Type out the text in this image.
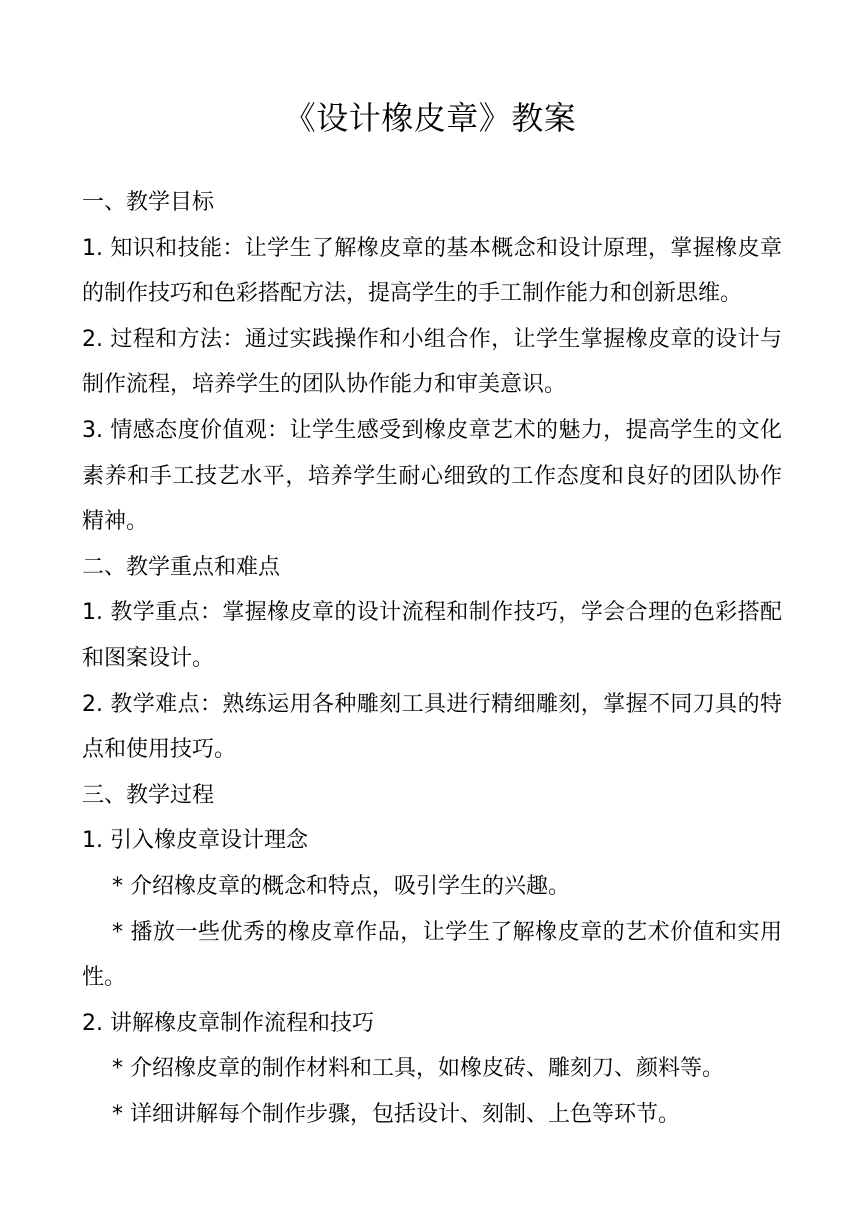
《设计橡皮章》教案

一、教学目标

1. 知识和技能：让学生了解橡皮章的基本概念和设计原理，掌握橡皮章的制作技巧和色彩搭配方法，提高学生的手工制作能力和创新思维。

2. 过程和方法：通过实践操作和小组合作，让学生掌握橡皮章的设计与制作流程，培养学生的团队协作能力和审美意识。

3. 情感态度价值观：让学生感受到橡皮章艺术的魅力，提高学生的文化素养和手工技艺水平，培养学生耐心细致的工作态度和良好的团队协作精神。

二、教学重点和难点

1. 教学重点：掌握橡皮章的设计流程和制作技巧，学会合理的色彩搭配和图案设计。

2. 教学难点：熟练运用各种雕刻工具进行精细雕刻，掌握不同刀具的特点和使用技巧。

三、教学过程

1. 引入橡皮章设计理念

* 介绍橡皮章的概念和特点，吸引学生的兴趣。

* 播放一些优秀的橡皮章作品，让学生了解橡皮章的艺术价值和实用性。

2. 讲解橡皮章制作流程和技巧

* 介绍橡皮章的制作材料和工具，如橡皮砖、雕刻刀、颜料等。

* 详细讲解每个制作步骤，包括设计、刻制、上色等环节。
